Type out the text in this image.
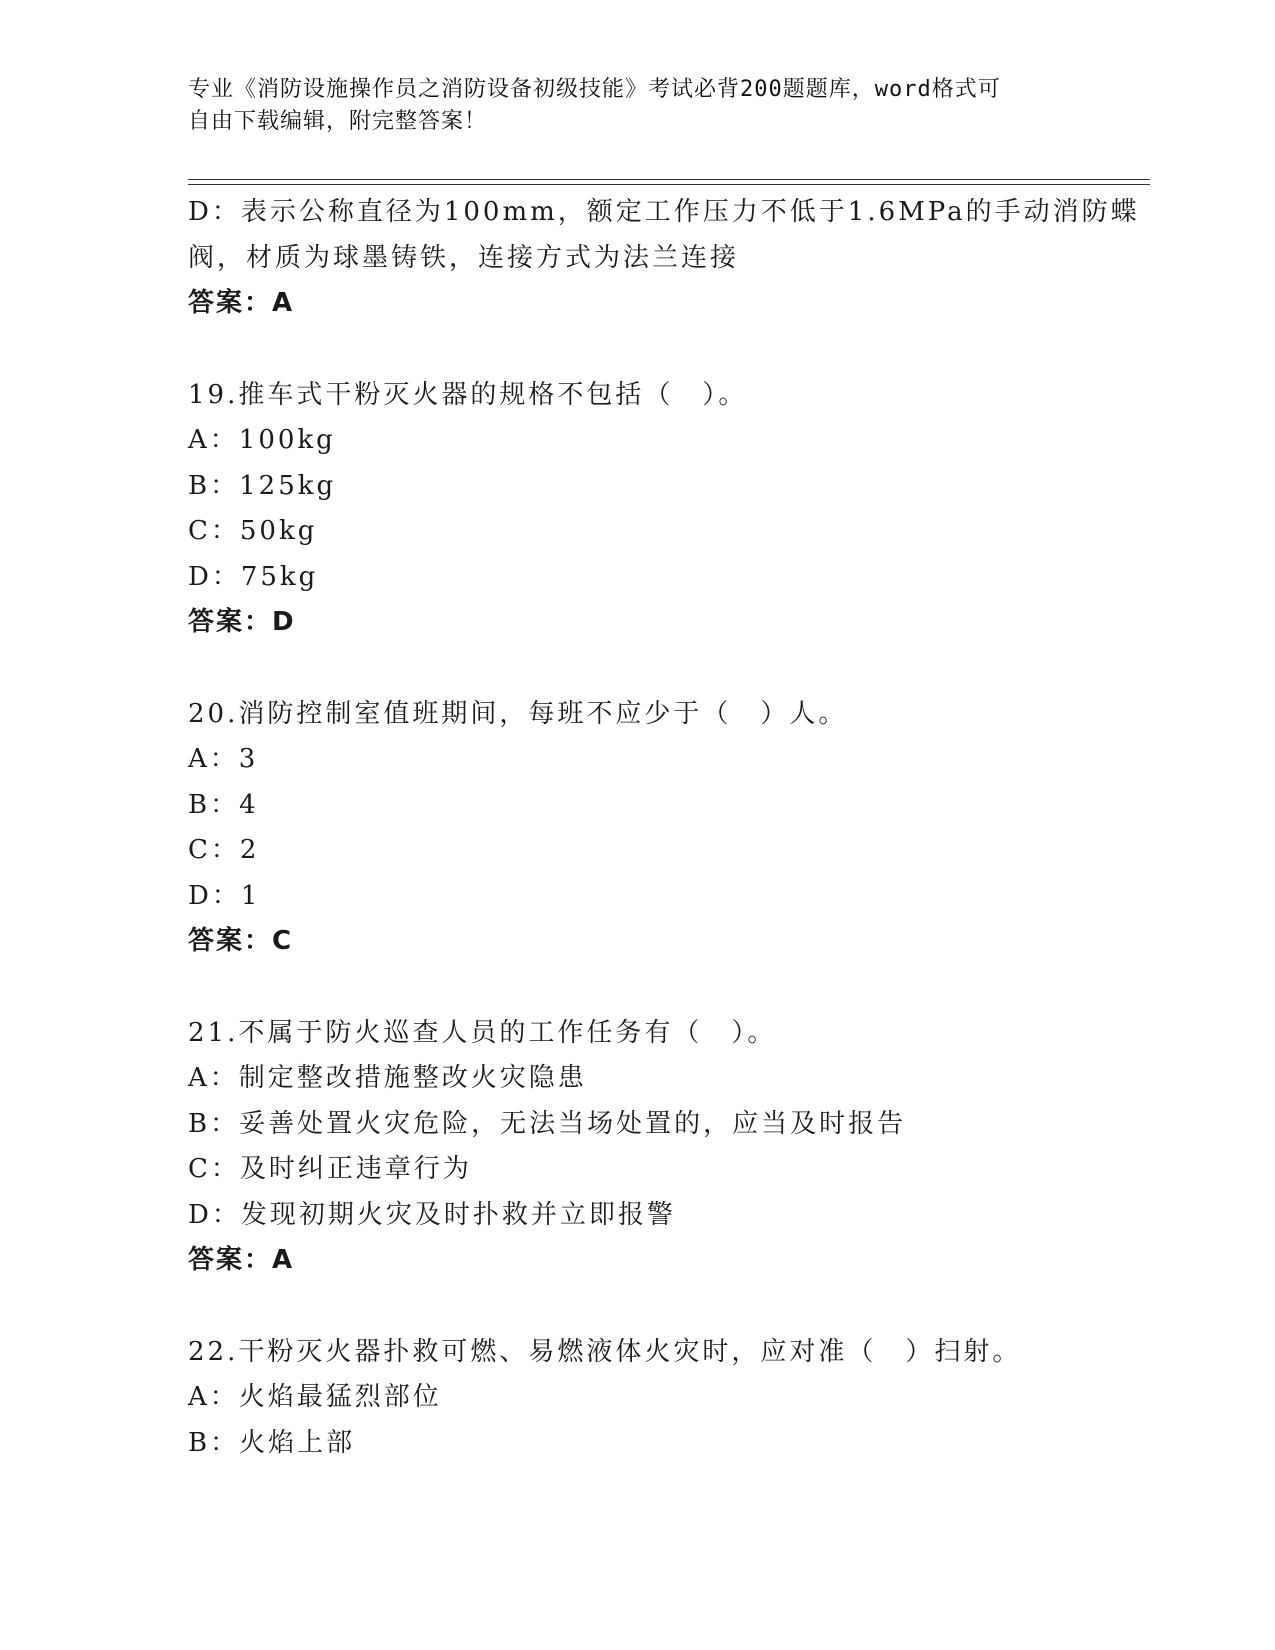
专业《消防设施操作员之消防设备初级技能》考试必背200题题库，word格式可
自由下载编辑，附完整答案！
D：表示公称直径为100mm，额定工作压力不低于1.6MPa的手动消防蝶
阀，材质为球墨铸铁，连接方式为法兰连接
答案：A
19.推车式干粉灭火器的规格不包括（　）。
A：100kg
B：125kg
C：50kg
D：75kg
答案：D
20.消防控制室值班期间，每班不应少于（　）人。
A：3
B：4
C：2
D：1
答案：C
21.不属于防火巡查人员的工作任务有（　）。
A：制定整改措施整改火灾隐患
B：妥善处置火灾危险，无法当场处置的，应当及时报告
C：及时纠正违章行为
D：发现初期火灾及时扑救并立即报警
答案：A
22.干粉灭火器扑救可燃、易燃液体火灾时，应对准（　）扫射。
A：火焰最猛烈部位
B：火焰上部
